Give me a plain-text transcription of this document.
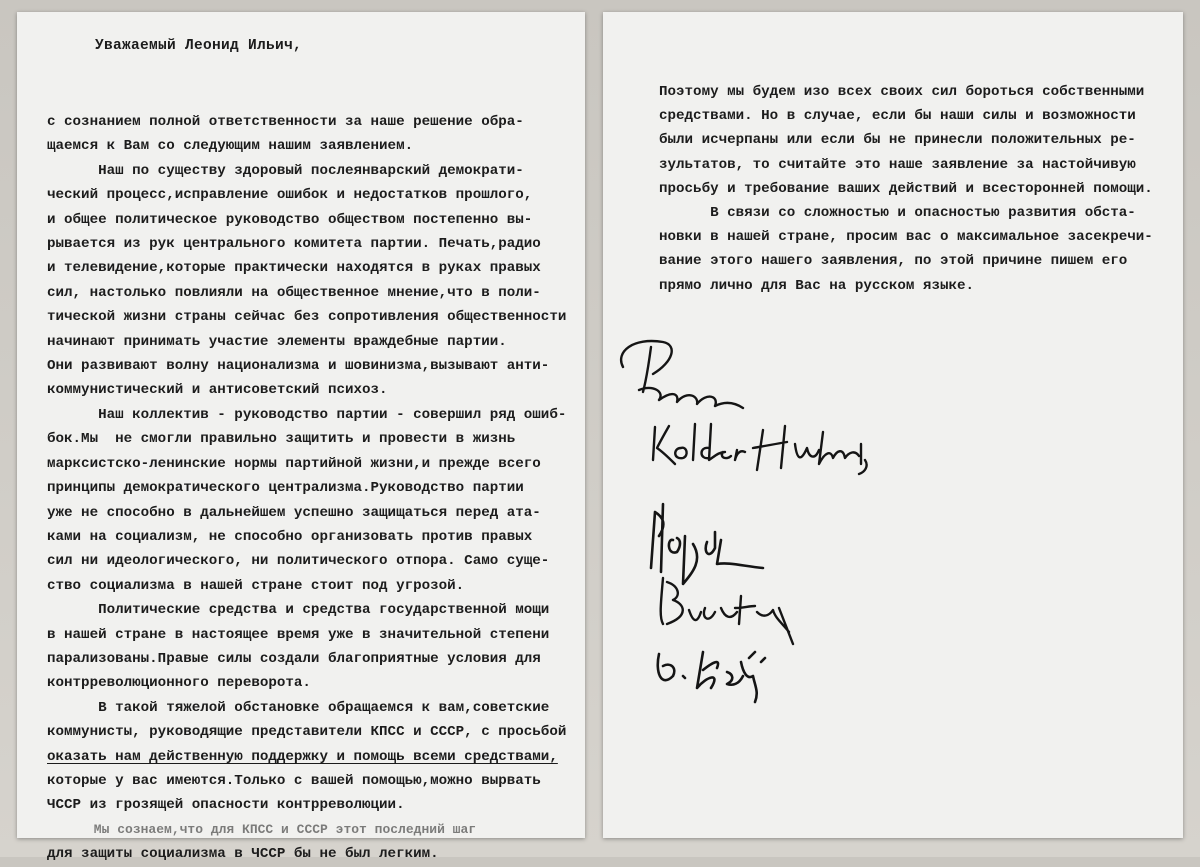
Уважаемый Леонид Ильич,
с сознанием полной ответственности за наше решение обра-
щаемся к Вам со следующим нашим заявлением.
Наш по существу здоровый послеянварский демократи-
ческий процесс,исправление ошибок и недостатков прошлого,
и общее политическое руководство обществом постепенно вы-
рывается из рук центрального комитета партии. Печать,радио
и телевидение,которые практически находятся в руках правых
сил, настолько повлияли на общественное мнение,что в поли-
тической жизни страны сейчас без сопротивления общественности
начинают принимать участие элементы враждебные партии.
Они развивают волну национализма и шовинизма,вызывают анти-
коммунистический и антисоветский психоз.
Наш коллектив - руководство партии - совершил ряд ошиб-
бок.Мы  не смогли правильно защитить и провести в жизнь
марксистско-ленинские нормы партийной жизни,и прежде всего
принципы демократического централизма.Руководство партии
уже не способно в дальнейшем успешно защищаться перед ата-
ками на социализм, не способно организовать против правых
сил ни идеологического, ни политического отпора. Само суще-
ство социализма в нашей стране стоит под угрозой.
Политические средства и средства государственной мощи
в нашей стране в настоящее время уже в значительной степени
парализованы.Правые силы создали благоприятные условия для
контрреволюционного переворота.
В такой тяжелой обстановке обращаемся к вам,советские
коммунисты, руководящие представители КПСС и СССР, с просьбой
оказать нам действенную поддержку и помощь всеми средствами,
которые у вас имеются.Только с вашей помощью,можно вырвать
ЧССР из грозящей опасности контрреволюции.
Мы сознаем,что для КПСС и СССР этот последний шаг
для защиты социализма в ЧССР бы не был легким.
Поэтому мы будем изо всех своих сил бороться собственными
средствами. Но в случае, если бы наши силы и возможности
были исчерпаны или если бы не принесли положительных ре-
зультатов, то считайте это наше заявление за настойчивую
просьбу и требование ваших действий и всесторонней помощи.
В связи со сложностью и опасностью развития обста-
новки в нашей стране, просим вас о максимальное засекречи-
вание этого нашего заявления, по этой причине пишем его
прямо лично для Вас на русском языке.
